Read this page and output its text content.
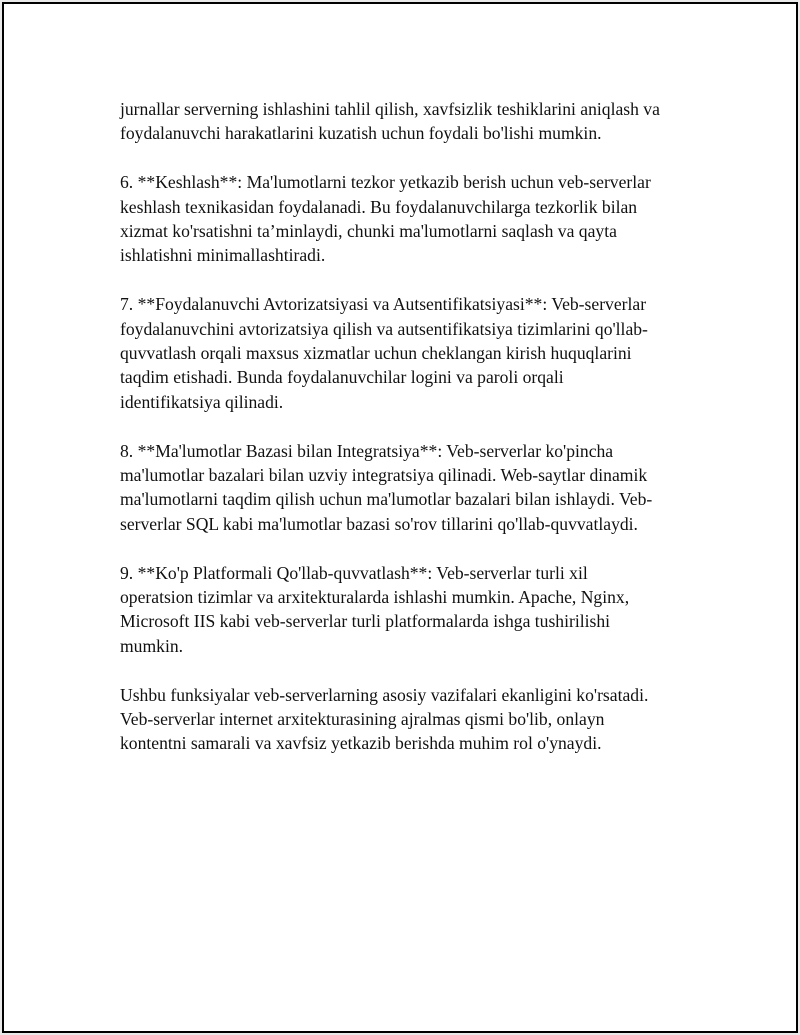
jurnallar serverning ishlashini tahlil qilish, xavfsizlik teshiklarini aniqlash va
foydalanuvchi harakatlarini kuzatish uchun foydali bo'lishi mumkin.

6. **Keshlash**: Ma'lumotlarni tezkor yetkazib berish uchun veb-serverlar
keshlash texnikasidan foydalanadi. Bu foydalanuvchilarga tezkorlik bilan
xizmat ko'rsatishni ta’minlaydi, chunki ma'lumotlarni saqlash va qayta
ishlatishni minimallashtiradi.

7. **Foydalanuvchi Avtorizatsiyasi va Autsentifikatsiyasi**: Veb-serverlar
foydalanuvchini avtorizatsiya qilish va autsentifikatsiya tizimlarini qo'llab-
quvvatlash orqali maxsus xizmatlar uchun cheklangan kirish huquqlarini
taqdim etishadi. Bunda foydalanuvchilar logini va paroli orqali
identifikatsiya qilinadi.

8. **Ma'lumotlar Bazasi bilan Integratsiya**: Veb-serverlar ko'pincha
ma'lumotlar bazalari bilan uzviy integratsiya qilinadi. Web-saytlar dinamik
ma'lumotlarni taqdim qilish uchun ma'lumotlar bazalari bilan ishlaydi. Veb-
serverlar SQL kabi ma'lumotlar bazasi so'rov tillarini qo'llab-quvvatlaydi.

9. **Ko'p Platformali Qo'llab-quvvatlash**: Veb-serverlar turli xil
operatsion tizimlar va arxitekturalarda ishlashi mumkin. Apache, Nginx,
Microsoft IIS kabi veb-serverlar turli platformalarda ishga tushirilishi
mumkin.

Ushbu funksiyalar veb-serverlarning asosiy vazifalari ekanligini ko'rsatadi.
Veb-serverlar internet arxitekturasining ajralmas qismi bo'lib, onlayn
kontentni samarali va xavfsiz yetkazib berishda muhim rol o'ynaydi.
